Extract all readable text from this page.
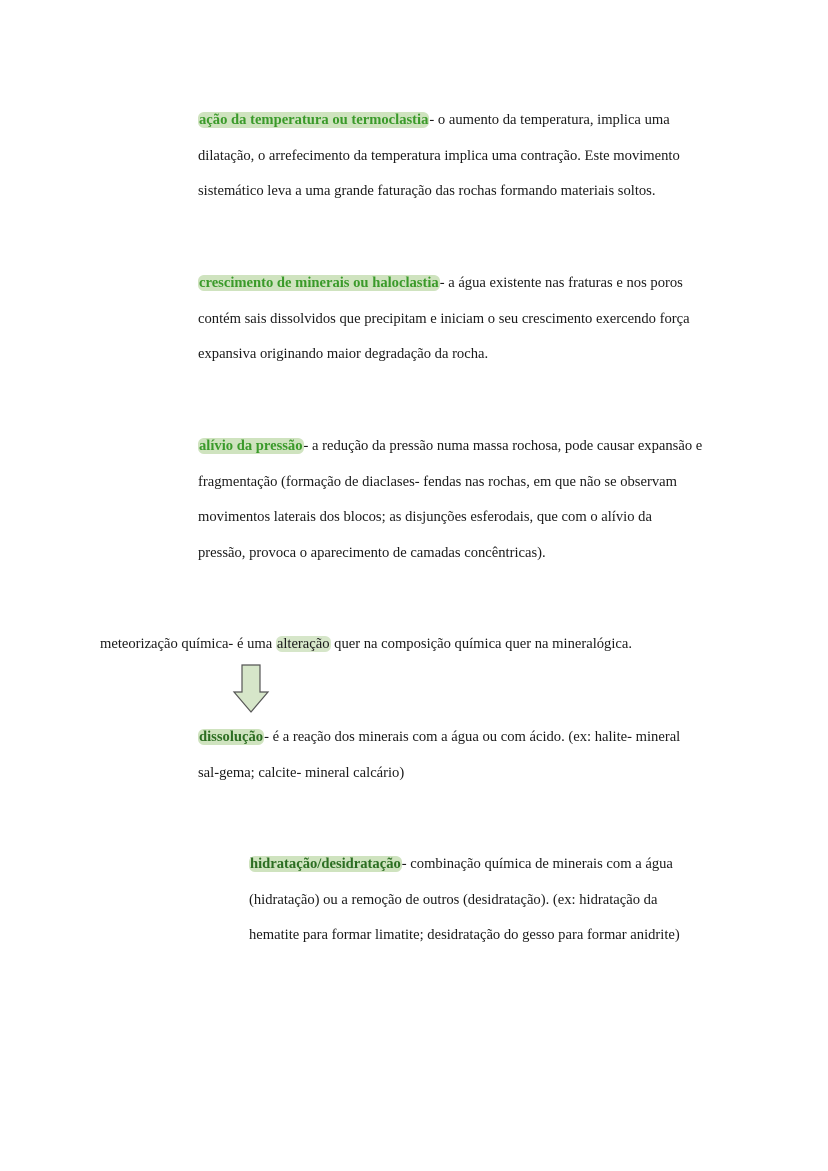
ação da temperatura ou termoclastia- o aumento da temperatura, implica uma
dilatação, o arrefecimento da temperatura implica uma contração. Este movimento
sistemático leva a uma grande faturação das rochas formando materiais soltos.
crescimento de minerais ou haloclastia- a água existente nas fraturas e nos poros
contém sais dissolvidos que precipitam e iniciam o seu crescimento exercendo força
expansiva originando maior degradação da rocha.
alívio da pressão- a redução da pressão numa massa rochosa, pode causar expansão e
fragmentação (formação de diaclases- fendas nas rochas, em que não se observam
movimentos laterais dos blocos; as disjunções esferodais, que com o alívio da
pressão, provoca o aparecimento de camadas concêntricas).
meteorização química- é uma alteração quer na composição química quer na mineralógica.
dissolução- é a reação dos minerais com a água ou com ácido. (ex: halite- mineral
sal-gema; calcite- mineral calcário)
hidratação/desidratação- combinação química de minerais com a água
(hidratação) ou a remoção de outros (desidratação). (ex: hidratação da
hematite para formar limatite; desidratação do gesso para formar anidrite)
